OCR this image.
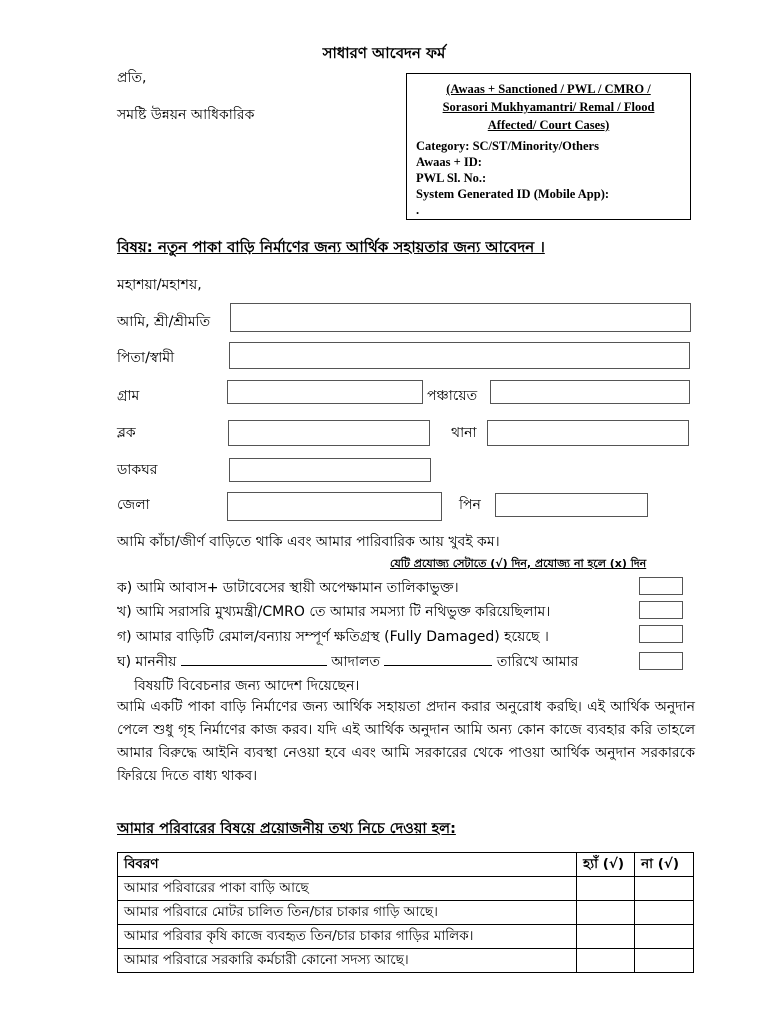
সাধারণ আবেদন ফর্ম
প্রতি,
সমষ্টি উন্নয়ন আধিকারিক
(Awaas + Sanctioned / PWL / CMRO /
Sorasori Mukhyamantri/ Remal / Flood
Affected/ Court Cases)
Category: SC/ST/Minority/Others
Awaas + ID:
PWL Sl. No.:
System Generated ID (Mobile App):
.
বিষয়: নতুন পাকা বাড়ি নির্মাণের জন্য আর্থিক সহায়তার জন্য আবেদন ।
মহাশয়া/মহাশয়,
আমি, শ্রী/শ্রীমতি
পিতা/স্বামী
গ্রাম	পঞ্চায়েত
ব্লক	থানা
ডাকঘর
জেলা	পিন
আমি কাঁচা/জীর্ণ বাড়িতে থাকি এবং আমার পারিবারিক আয় খুবই কম।
যেটি প্রযোজ্য সেটাতে (√) দিন, প্রযোজ্য না হলে (x) দিন
ক) আমি আবাস+ ডাটাবেসের স্থায়ী অপেক্ষামান তালিকাভুক্ত।
খ) আমি সরাসরি মুখ্যমন্ত্রী/CMRO তে আমার সমস্যা টি নথিভুক্ত করিয়েছিলাম।
গ) আমার বাড়িটি রেমাল/বন্যায় সম্পূর্ণ ক্ষতিগ্রস্থ (Fully Damaged) হয়েছে ।
ঘ) মাননীয়	আদালত	তারিখে আমার
বিষয়টি বিবেচনার জন্য আদেশ দিয়েছেন।
আমি একটি পাকা বাড়ি নির্মাণের জন্য আর্থিক সহায়তা প্রদান করার অনুরোধ করছি। এই আর্থিক অনুদান পেলে শুধু গৃহ নির্মাণের কাজ করব। যদি এই আর্থিক অনুদান আমি অন্য কোন কাজে ব্যবহার করি তাহলে আমার বিরুদ্ধে আইনি ব্যবস্থা নেওয়া হবে এবং আমি সরকারের থেকে পাওয়া আর্থিক অনুদান সরকারকে ফিরিয়ে দিতে বাধ্য থাকব।
আমার পরিবারের বিষয়ে প্রয়োজনীয় তথ্য নিচে দেওয়া হল:
বিবরণ	হ্যাঁ (√)	না (√)
আমার পরিবারের পাকা বাড়ি আছে		
আমার পরিবারে মোটর চালিত তিন/চার চাকার গাড়ি আছে।		
আমার পরিবার কৃষি কাজে ব্যবহৃত তিন/চার চাকার গাড়ির মালিক।		
আমার পরিবারে সরকারি কর্মচারী কোনো সদস্য আছে।		
